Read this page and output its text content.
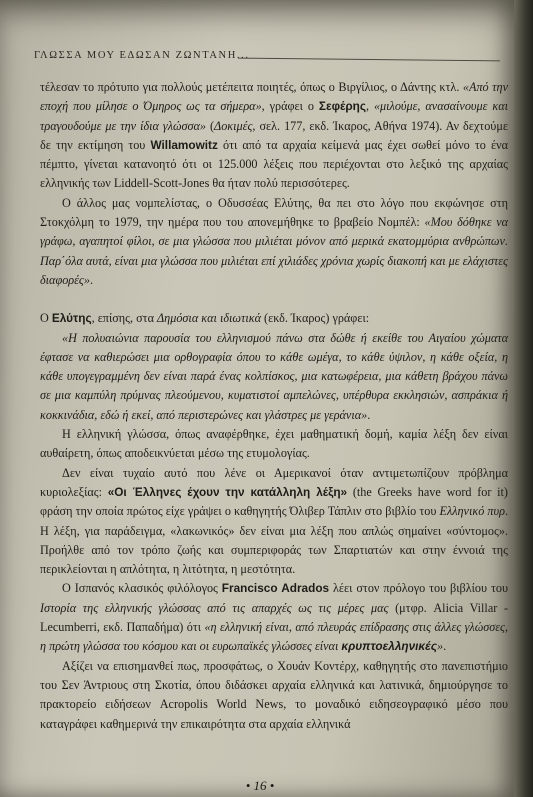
ΓΛΩΣΣΑ ΜΟΥ ΕΔΩΣΑΝ ΖΩΝΤΑΝΗ...

τέλεσαν το πρότυπο για πολλούς μετέπειτα ποιητές, όπως ο Βιργίλιος, ο Δάντης κτλ. «Από την εποχή που μίλησε ο Όμηρος ως τα σήμερα», γράφει ο Σεφέρης, «μιλούμε, ανασαίνουμε και τραγουδούμε με την ίδια γλώσσα» (Δοκιμές, σελ. 177, εκδ. Ίκαρος, Αθήνα 1974). Αν δεχτούμε δε την εκτίμηση του Willamowitz ότι από τα αρχαία κείμενά μας έχει σωθεί μόνο το ένα πέμπτο, γίνεται κατανοητό ότι οι 125.000 λέξεις που περιέχονται στο λεξικό της αρχαίας ελληνικής των Liddell-Scott-Jones θα ήταν πολύ περισσότερες.

Ο άλλος μας νομπελίστας, ο Οδυσσέας Ελύτης, θα πει στο λόγο που εκφώνησε στη Στοκχόλμη το 1979, την ημέρα που του απονεμήθηκε το βραβείο Νομπέλ: «Μου δόθηκε να γράφω, αγαπητοί φίλοι, σε μια γλώσσα που μιλιέται μόνον από μερικά εκατομμύρια ανθρώπων. Παρ΄όλα αυτά, είναι μια γλώσσα που μιλιέται επί χιλιάδες χρόνια χωρίς διακοπή και με ελάχιστες διαφορές».

Ο Ελύτης, επίσης, στα Δημόσια και ιδιωτικά (εκδ. Ίκαρος) γράφει:

«Η πολυαιώνια παρουσία του ελληνισμού πάνω στα δώθε ή εκείθε του Αιγαίου χώματα έφτασε να καθιερώσει μια ορθογραφία όπου το κάθε ωμέγα, το κάθε ύψιλον, η κάθε οξεία, η κάθε υπογεγραμμένη δεν είναι παρά ένας κολπίσκος, μια κατωφέρεια, μια κάθετη βράχου πάνω σε μια καμπύλη πρύμνας πλεούμενου, κυματιστοί αμπελώνες, υπέρθυρα εκκλησιών, ασπράκια ή κοκκινάδια, εδώ ή εκεί, από περιστερώνες και γλάστρες με γεράνια».

Η ελληνική γλώσσα, όπως αναφέρθηκε, έχει μαθηματική δομή, καμία λέξη δεν είναι αυθαίρετη, όπως αποδεικνύεται μέσω της ετυμολογίας.

Δεν είναι τυχαίο αυτό που λένε οι Αμερικανοί όταν αντιμετωπίζουν πρόβλημα κυριολεξίας: «Οι Έλληνες έχουν την κατάλληλη λέξη» (the Greeks have word for it) φράση την οποία πρώτος είχε γράψει ο καθηγητής Όλιβερ Τάπλιν στο βιβλίο του Ελληνικό πυρ. Η λέξη, για παράδειγμα, «λακωνικός» δεν είναι μια λέξη που απλώς σημαίνει «σύντομος». Προήλθε από τον τρόπο ζωής και συμπεριφοράς των Σπαρτιατών και στην έννοιά της περικλείονται η απλότητα, η λιτότητα, η μεστότητα.

Ο Ισπανός κλασικός φιλόλογος Francisco Adrados λέει στον πρόλογο του βιβλίου του Ιστορία της ελληνικής γλώσσας από τις απαρχές ως τις μέρες μας (μτφρ. Alicia Villar - Lecumberri, εκδ. Παπαδήμα) ότι «η ελληνική είναι, από πλευράς επίδρασης στις άλλες γλώσσες, η πρώτη γλώσσα του κόσμου και οι ευρωπαϊκές γλώσσες είναι κρυπτοελληνικές».

Αξίζει να επισημανθεί πως, προσφάτως, ο Χουάν Κοντέρχ, καθηγητής στο πανεπιστήμιο του Σεν Άντριους στη Σκοτία, όπου διδάσκει αρχαία ελληνικά και λατινικά, δημιούργησε το πρακτορείο ειδήσεων Acropolis World News, το μοναδικό ειδησεογραφικό μέσο που καταγράφει καθημερινά την επικαιρότητα στα αρχαία ελληνικά

• 16 •
